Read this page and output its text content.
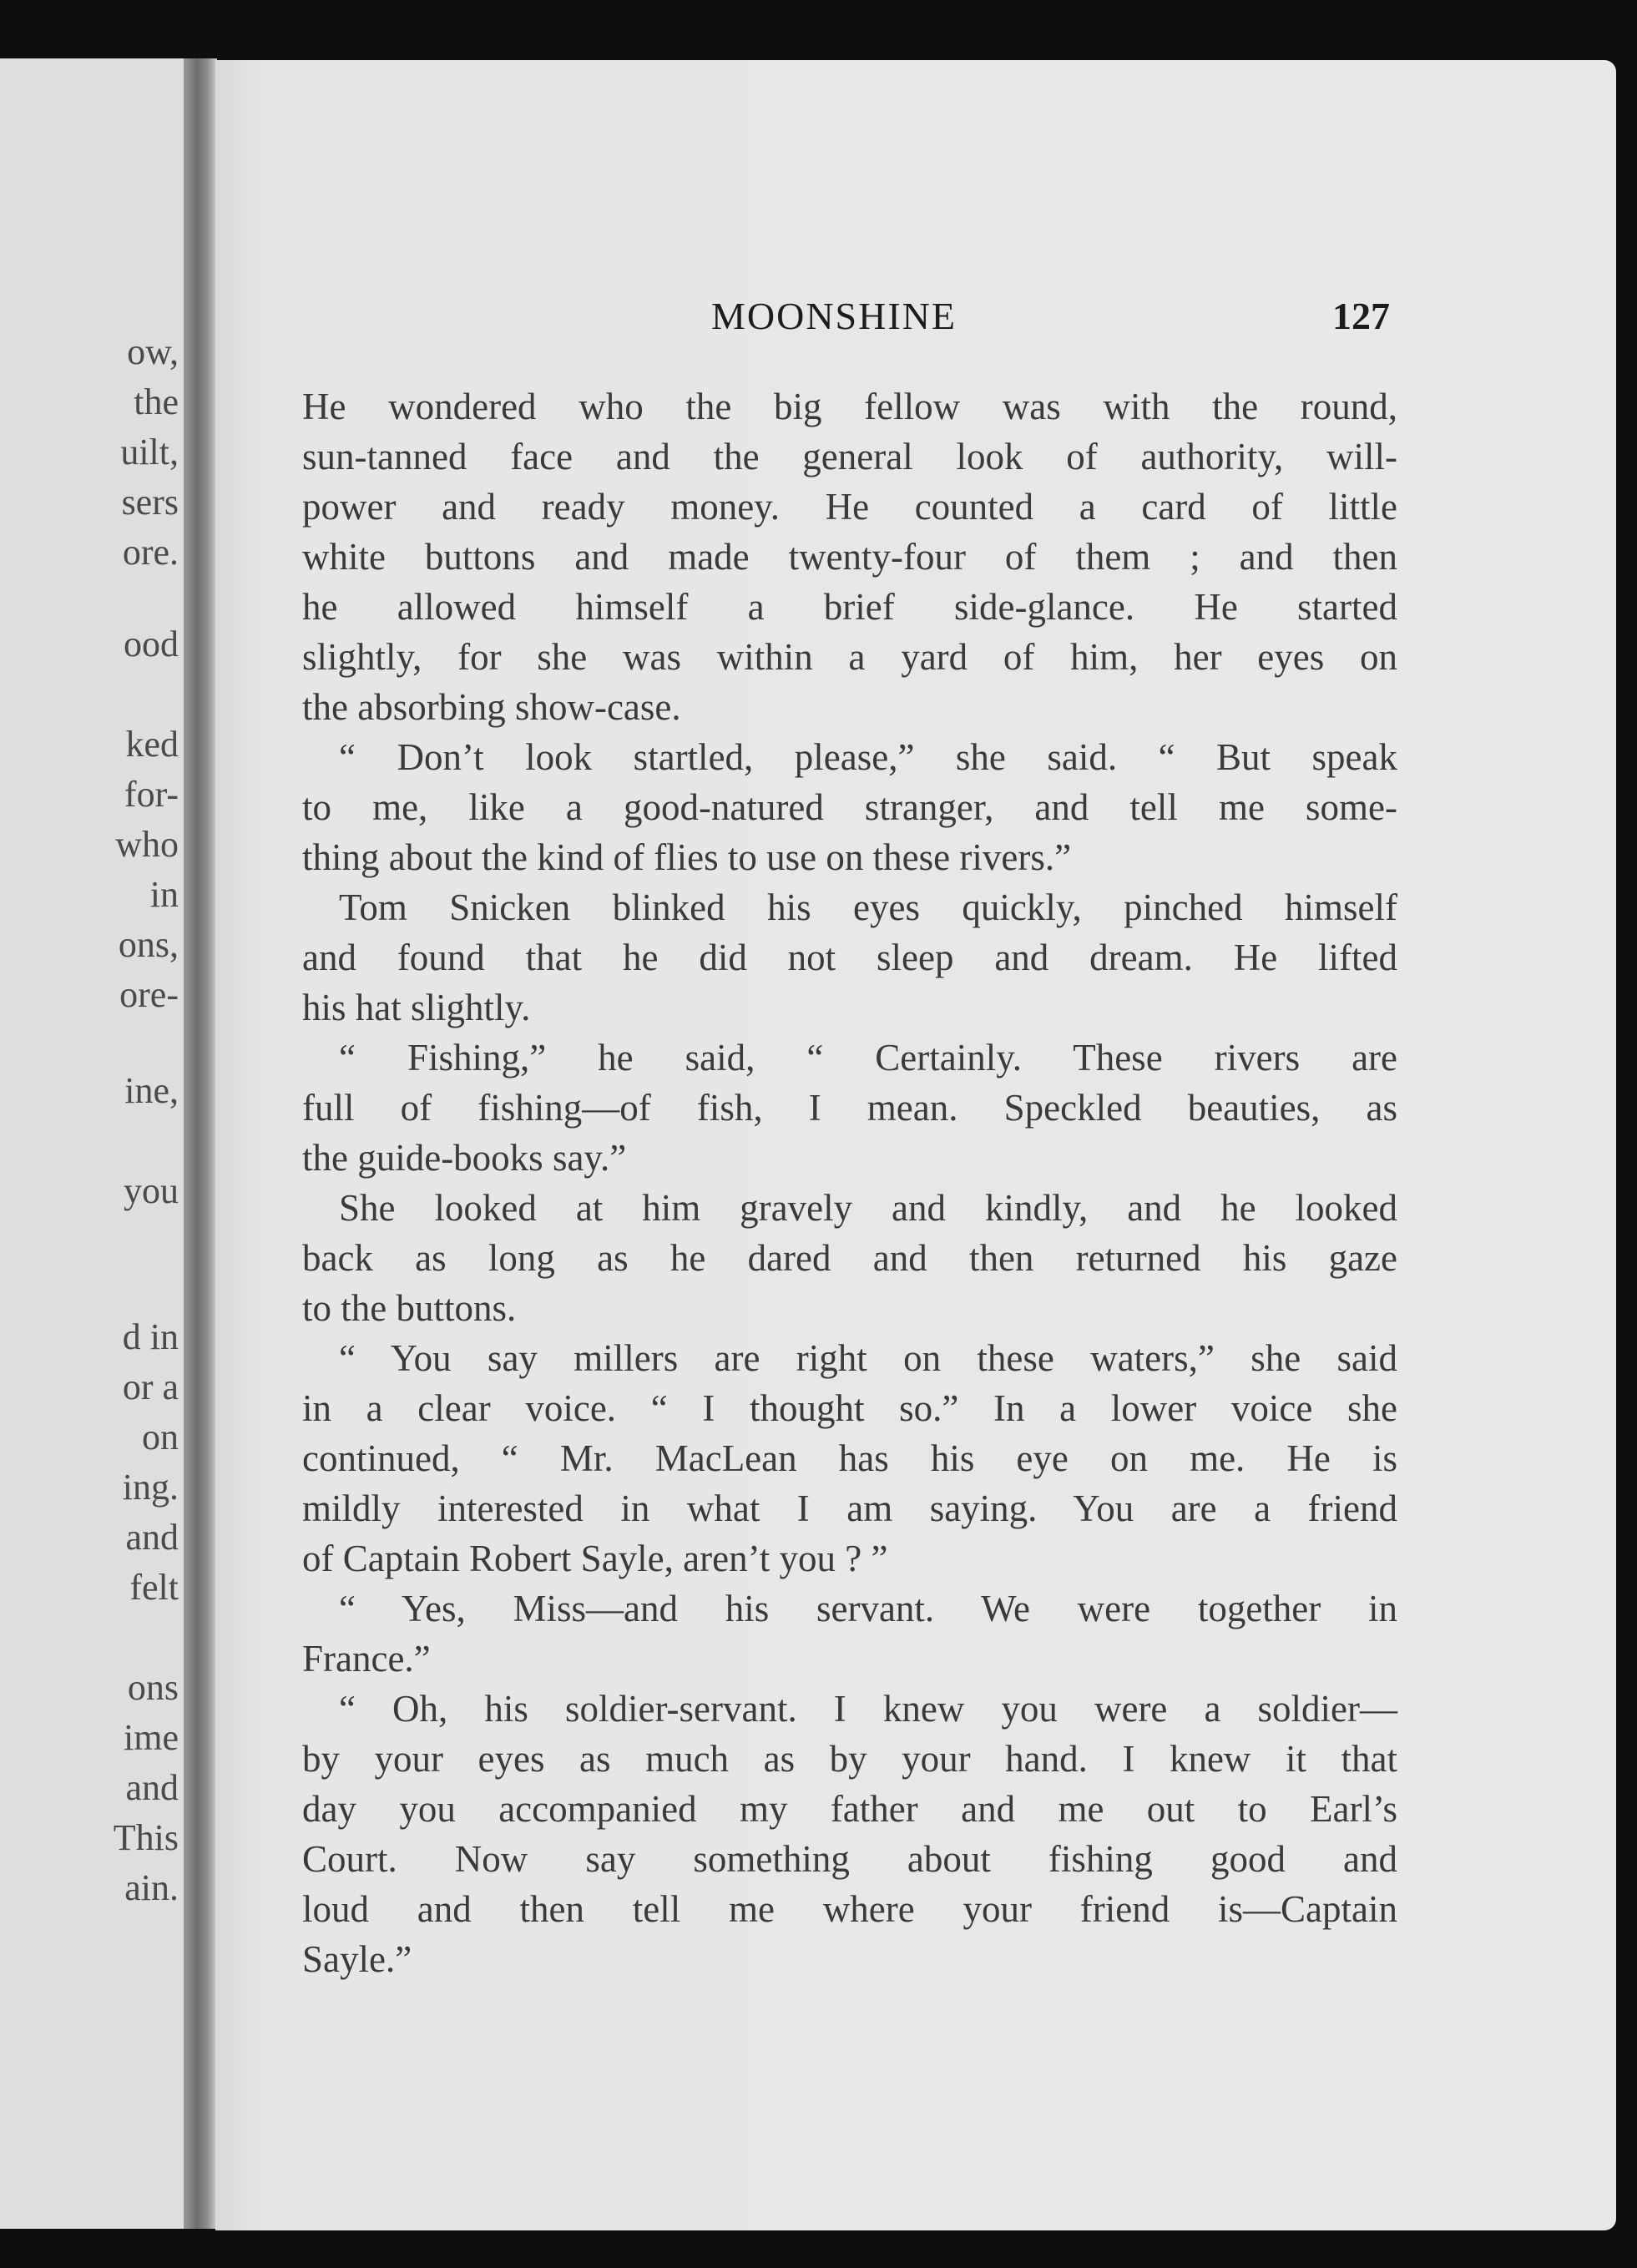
ow,
the
uilt,
sers
ore.
ood
ked
for-
who
in
ons,
ore-
ine,
you
d in
or a
on
ing.
and
felt
ons
ime
and
This
ain.
MOONSHINE	127
He wondered who the big fellow was with the round,
sun-tanned face and the general look of authority, will-
power and ready money. He counted a card of little
white buttons and made twenty-four of them ; and then
he allowed himself a brief side-glance. He started
slightly, for she was within a yard of him, her eyes on
the absorbing show-case.
“ Don’t look startled, please,” she said. “ But speak
to me, like a good-natured stranger, and tell me some-
thing about the kind of flies to use on these rivers.”
Tom Snicken blinked his eyes quickly, pinched himself
and found that he did not sleep and dream. He lifted
his hat slightly.
“ Fishing,” he said, “ Certainly. These rivers are
full of fishing—of fish, I mean. Speckled beauties, as
the guide-books say.”
She looked at him gravely and kindly, and he looked
back as long as he dared and then returned his gaze
to the buttons.
“ You say millers are right on these waters,” she said
in a clear voice. “ I thought so.” In a lower voice she
continued, “ Mr. MacLean has his eye on me. He is
mildly interested in what I am saying. You are a friend
of Captain Robert Sayle, aren’t you ? ”
“ Yes, Miss—and his servant. We were together in
France.”
“ Oh, his soldier-servant. I knew you were a soldier—
by your eyes as much as by your hand. I knew it that
day you accompanied my father and me out to Earl’s
Court. Now say something about fishing good and
loud and then tell me where your friend is—Captain
Sayle.”
